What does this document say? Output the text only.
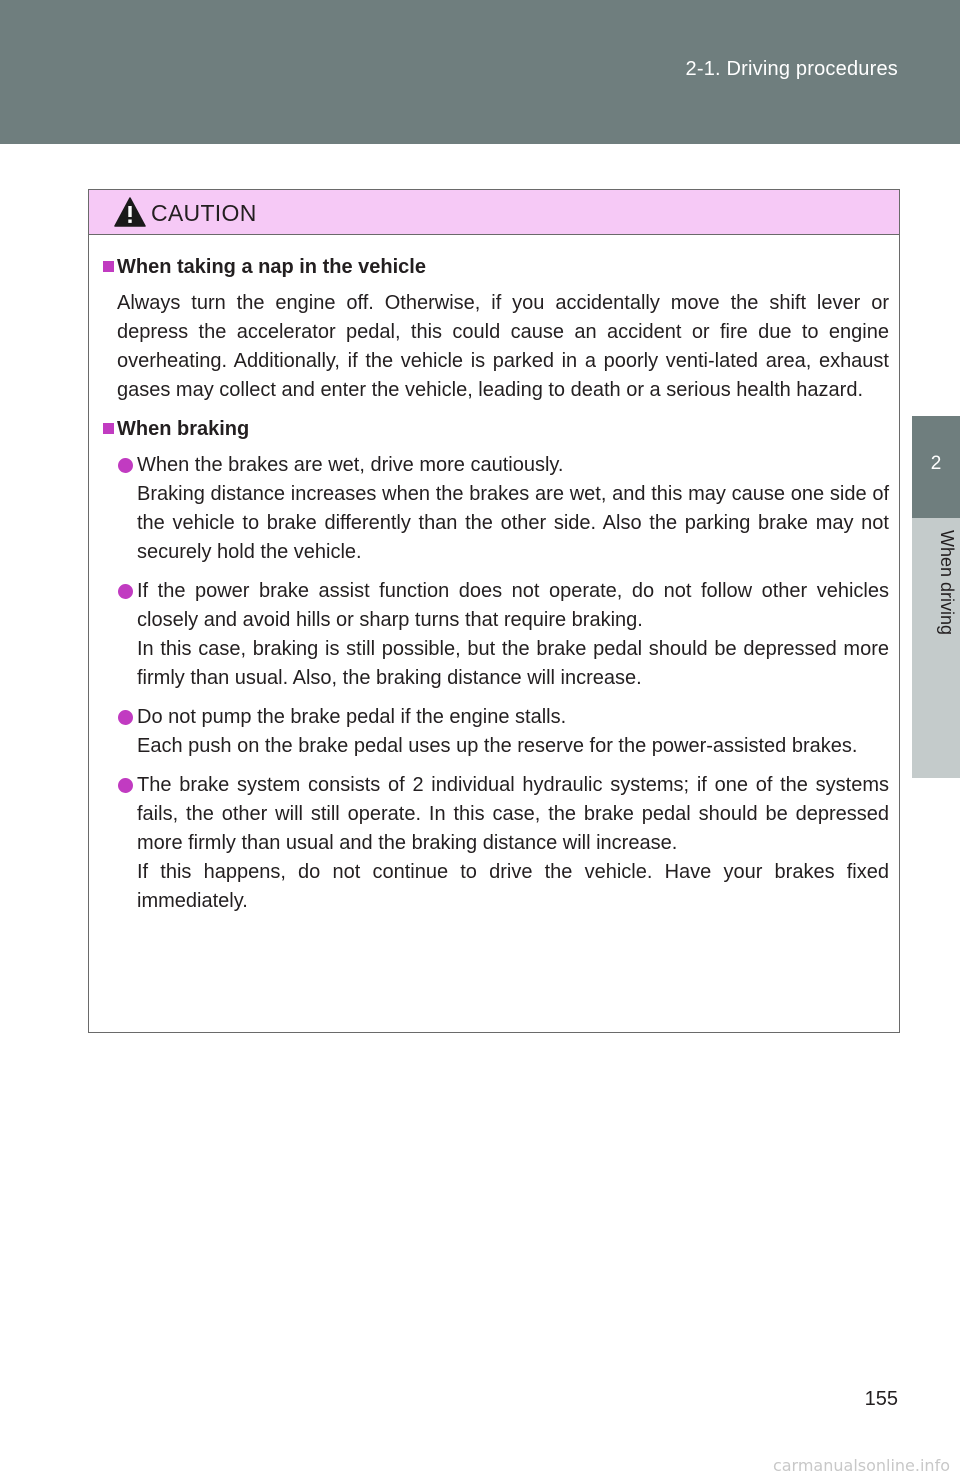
2-1. Driving procedures
2
When driving
CAUTION
When taking a nap in the vehicle
Always turn the engine off. Otherwise, if you accidentally move the shift lever or depress the accelerator pedal, this could cause an accident or fire due to engine overheating. Additionally, if the vehicle is parked in a poorly venti-lated area, exhaust gases may collect and enter the vehicle, leading to death or a serious health hazard.
When braking

When the brakes are wet, drive more cautiously.

Braking distance increases when the brakes are wet, and this may cause one side of the vehicle to brake differently than the other side. Also the parking brake may not securely hold the vehicle.

If the power brake assist function does not operate, do not follow other vehicles closely and avoid hills or sharp turns that require braking.

In this case, braking is still possible, but the brake pedal should be depressed more firmly than usual. Also, the braking distance will increase.

Do not pump the brake pedal if the engine stalls.

Each push on the brake pedal uses up the reserve for the power-assisted brakes.

The brake system consists of 2 individual hydraulic systems; if one of the systems fails, the other will still operate. In this case, the brake pedal should be depressed more firmly than usual and the braking distance will increase.

If this happens, do not continue to drive the vehicle. Have your brakes fixed immediately.

155
carmanualsonline.info
